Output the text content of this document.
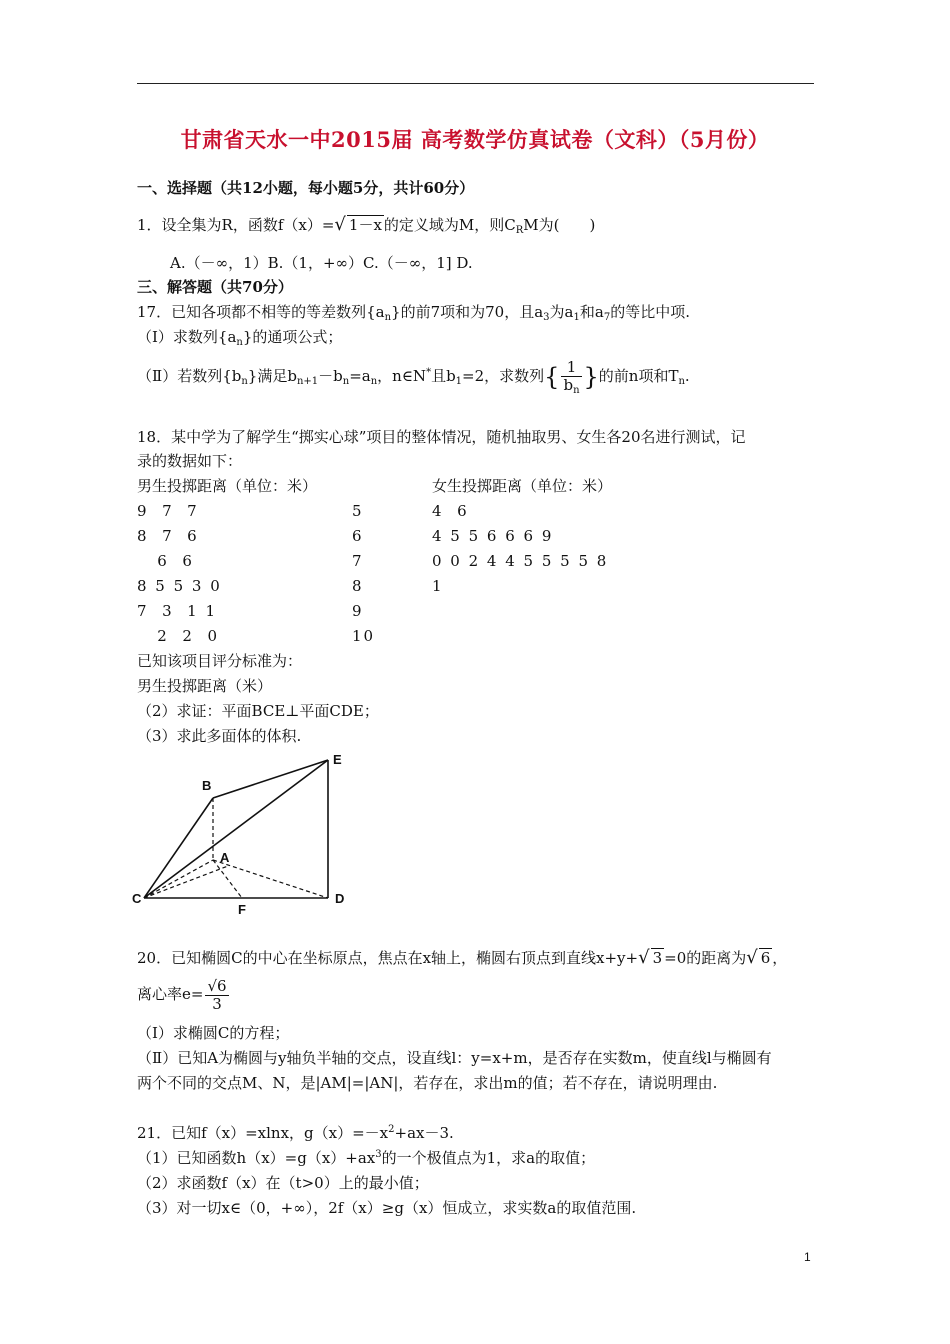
甘肃省天水一中2015届 高考数学仿真试卷（文科）（5月份）
一、选择题（共12小题，每小题5分，共计60分）
1．设全集为R，函数f（x）=√ 1－x 的定义域为M，则$C_RM$为(　　)
A.（－∞，1）B.（1，+∞）C.（－∞，1] D.
三、解答题（共70分）
17．已知各项都不相等的等差数列$\{a_n\}$的前7项和为70，且$a_3$为$a_1$和$a_7$的等比中项.
（Ⅰ）求数列$\{a_n\}$的通项公式；
（Ⅱ）若数列$\{b_n\}$满足$b_{n+1}-b_n=a_n$，n∈N*且$b_1=2$，求数列{ $\frac{1}{b_n}$ }的前n项和$T_n$.
18．某中学为了解学生“掷实心球”项目的整体情况，随机抽取男、女生各20名进行测试，记
录的数据如下：
男生投掷距离（单位：米）	女生投掷距离（单位：米）
9  7  7	5	4  6
8  7  6	6	4 5 5 6 6 6 9
6  6	7	0 0 2 4 4 5 5 5 5 8
8 5 5 3 0	8	1
7  3  1 1	9
2  2  0	10
已知该项目评分标准为：
男生投掷距离（米）
（2）求证：平面BCE⊥平面CDE；
（3）求此多面体的体积.
B
E
A
C
F
D
20．已知椭圆C的中心在坐标原点，焦点在x轴上，椭圆右顶点到直线x+y+√ 3 =0的距离为√ 6 ，
离心率$e= \frac{√6}{3}$
（Ⅰ）求椭圆C的方程；
（Ⅱ）已知A为椭圆与y轴负半轴的交点，设直线l：y=x+m，是否存在实数m，使直线l与椭圆有
两个不同的交点M、N，是|AM|=|AN|，若存在，求出m的值；若不存在，请说明理由.
21．已知f（x）=xlnx，$g(x)=-x^2+ax-3$.
（1）已知函数$h(x)=g(x)+ax^3$的一个极值点为1，求a的取值；
（2）求函数f（x）在（t>0）上的最小值；
（3）对一切x∈（0，+∞），2f（x）≥g（x）恒成立，求实数a的取值范围.
1
